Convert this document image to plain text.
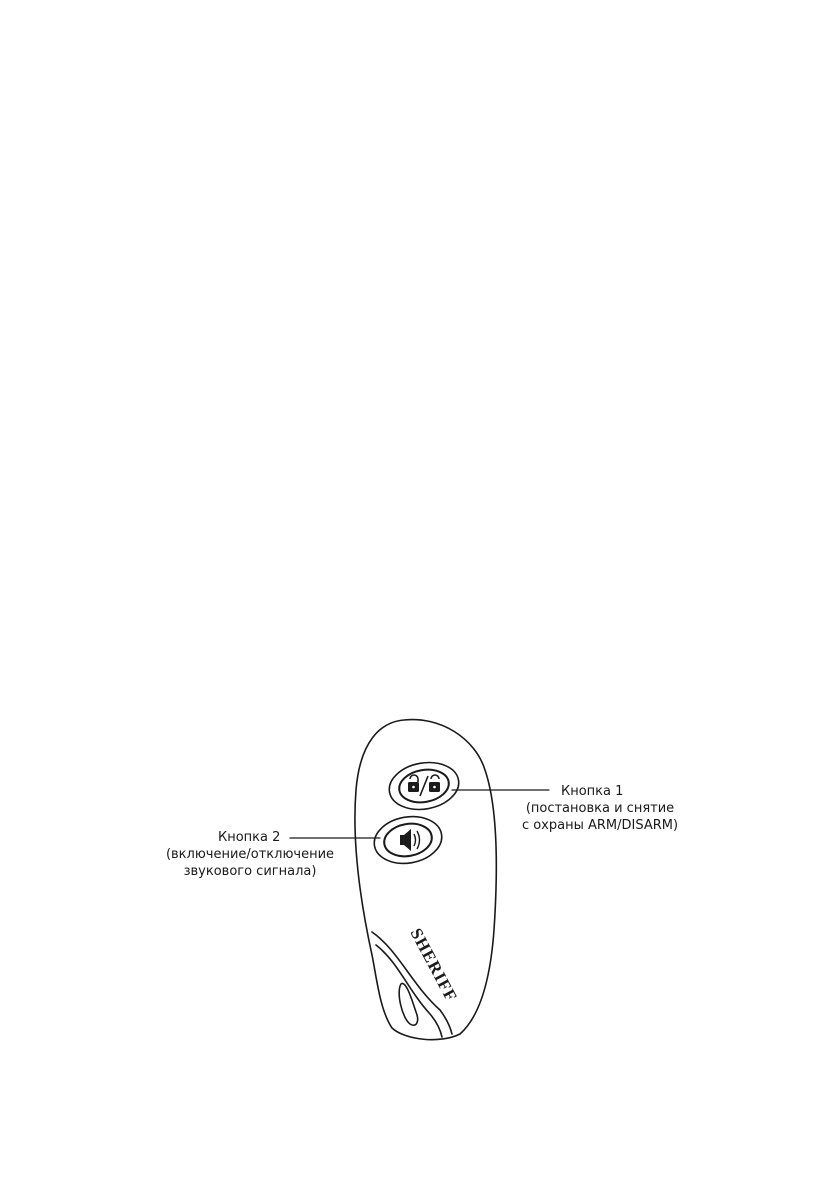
SHERIFF
Кнопка 1
(постановка и снятие
с охраны ARM/DISARM)
Кнопка 2
(включение/отключение
звукового сигнала)
